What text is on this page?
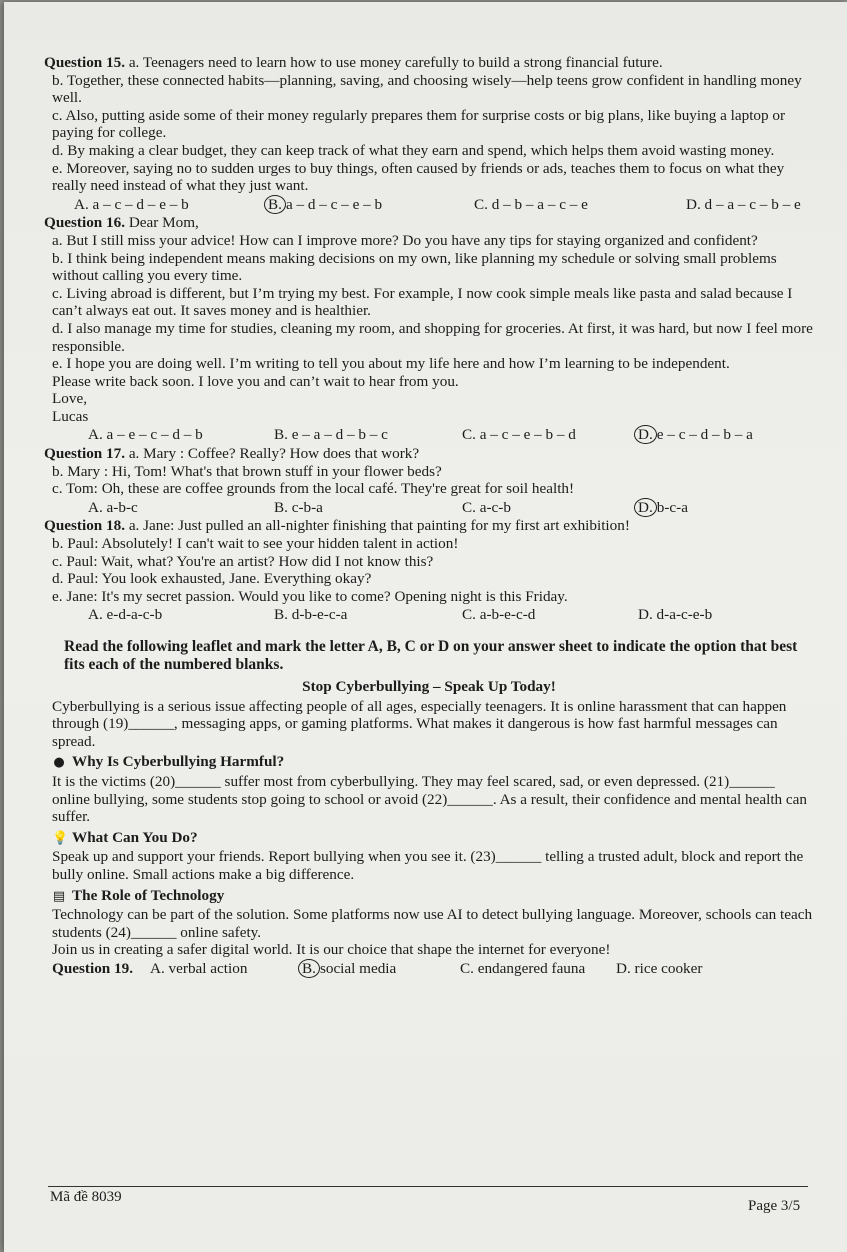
Question 15. a. Teenagers need to learn how to use money carefully to build a strong financial future.

b. Together, these connected habits—planning, saving, and choosing wisely—help teens grow confident in handling money well.

c. Also, putting aside some of their money regularly prepares them for surprise costs or big plans, like buying a laptop or paying for college.

d. By making a clear budget, they can keep track of what they earn and spend, which helps them avoid wasting money.

e. Moreover, saying no to sudden urges to buy things, often caused by friends or ads, teaches them to focus on what they really need instead of what they just want.

A. a – c – d – e – b	B. a – d – c – e – b	C. d – b – a – c – e	D. d – a – c – b – e

Question 16. Dear Mom,

a. But I still miss your advice! How can I improve more? Do you have any tips for staying organized and confident?

b. I think being independent means making decisions on my own, like planning my schedule or solving small problems without calling you every time.

c. Living abroad is different, but I’m trying my best. For example, I now cook simple meals like pasta and salad because I can’t always eat out. It saves money and is healthier.

d. I also manage my time for studies, cleaning my room, and shopping for groceries. At first, it was hard, but now I feel more responsible.

e. I hope you are doing well. I’m writing to tell you about my life here and how I’m learning to be independent.

Please write back soon. I love you and can’t wait to hear from you.

Love,

Lucas

A. a – e – c – d – b	B. e – a – d – b – c	C. a – c – e – b – d	D. e – c – d – b – a

Question 17. a. Mary : Coffee? Really? How does that work?

b. Mary : Hi, Tom! What's that brown stuff in your flower beds?

c. Tom: Oh, these are coffee grounds from the local café. They're great for soil health!

A. a-b-c	B. c-b-a	C. a-c-b	D. b-c-a

Question 18. a. Jane: Just pulled an all-nighter finishing that painting for my first art exhibition!

b. Paul: Absolutely! I can't wait to see your hidden talent in action!

c. Paul: Wait, what? You're an artist? How did I not know this?

d. Paul: You look exhausted, Jane. Everything okay?

e. Jane: It's my secret passion. Would you like to come? Opening night is this Friday.

A. e-d-a-c-b	B. d-b-e-c-a	C. a-b-e-c-d	D. d-a-c-e-b

Read the following leaflet and mark the letter A, B, C or D on your answer sheet to indicate the option that best fits each of the numbered blanks.

Stop Cyberbullying – Speak Up Today!

Cyberbullying is a serious issue affecting people of all ages, especially teenagers. It is online harassment that can happen through (19)______, messaging apps, or gaming platforms. What makes it dangerous is how fast harmful messages can spread.

● Why Is Cyberbullying Harmful?

It is the victims (20)______ suffer most from cyberbullying. They may feel scared, sad, or even depressed. (21)______ online bullying, some students stop going to school or avoid (22)______. As a result, their confidence and mental health can suffer.

💡 What Can You Do?

Speak up and support your friends. Report bullying when you see it. (23)______ telling a trusted adult, block and report the bully online. Small actions make a big difference.

▤ The Role of Technology

Technology can be part of the solution. Some platforms now use AI to detect bullying language. Moreover, schools can teach students (24)______ online safety.

Join us in creating a safer digital world. It is our choice that shape the internet for everyone!

Question 19.	A. verbal action	B. social media	C. endangered fauna	D. rice cooker
Mã đề 8039
Page 3/5
